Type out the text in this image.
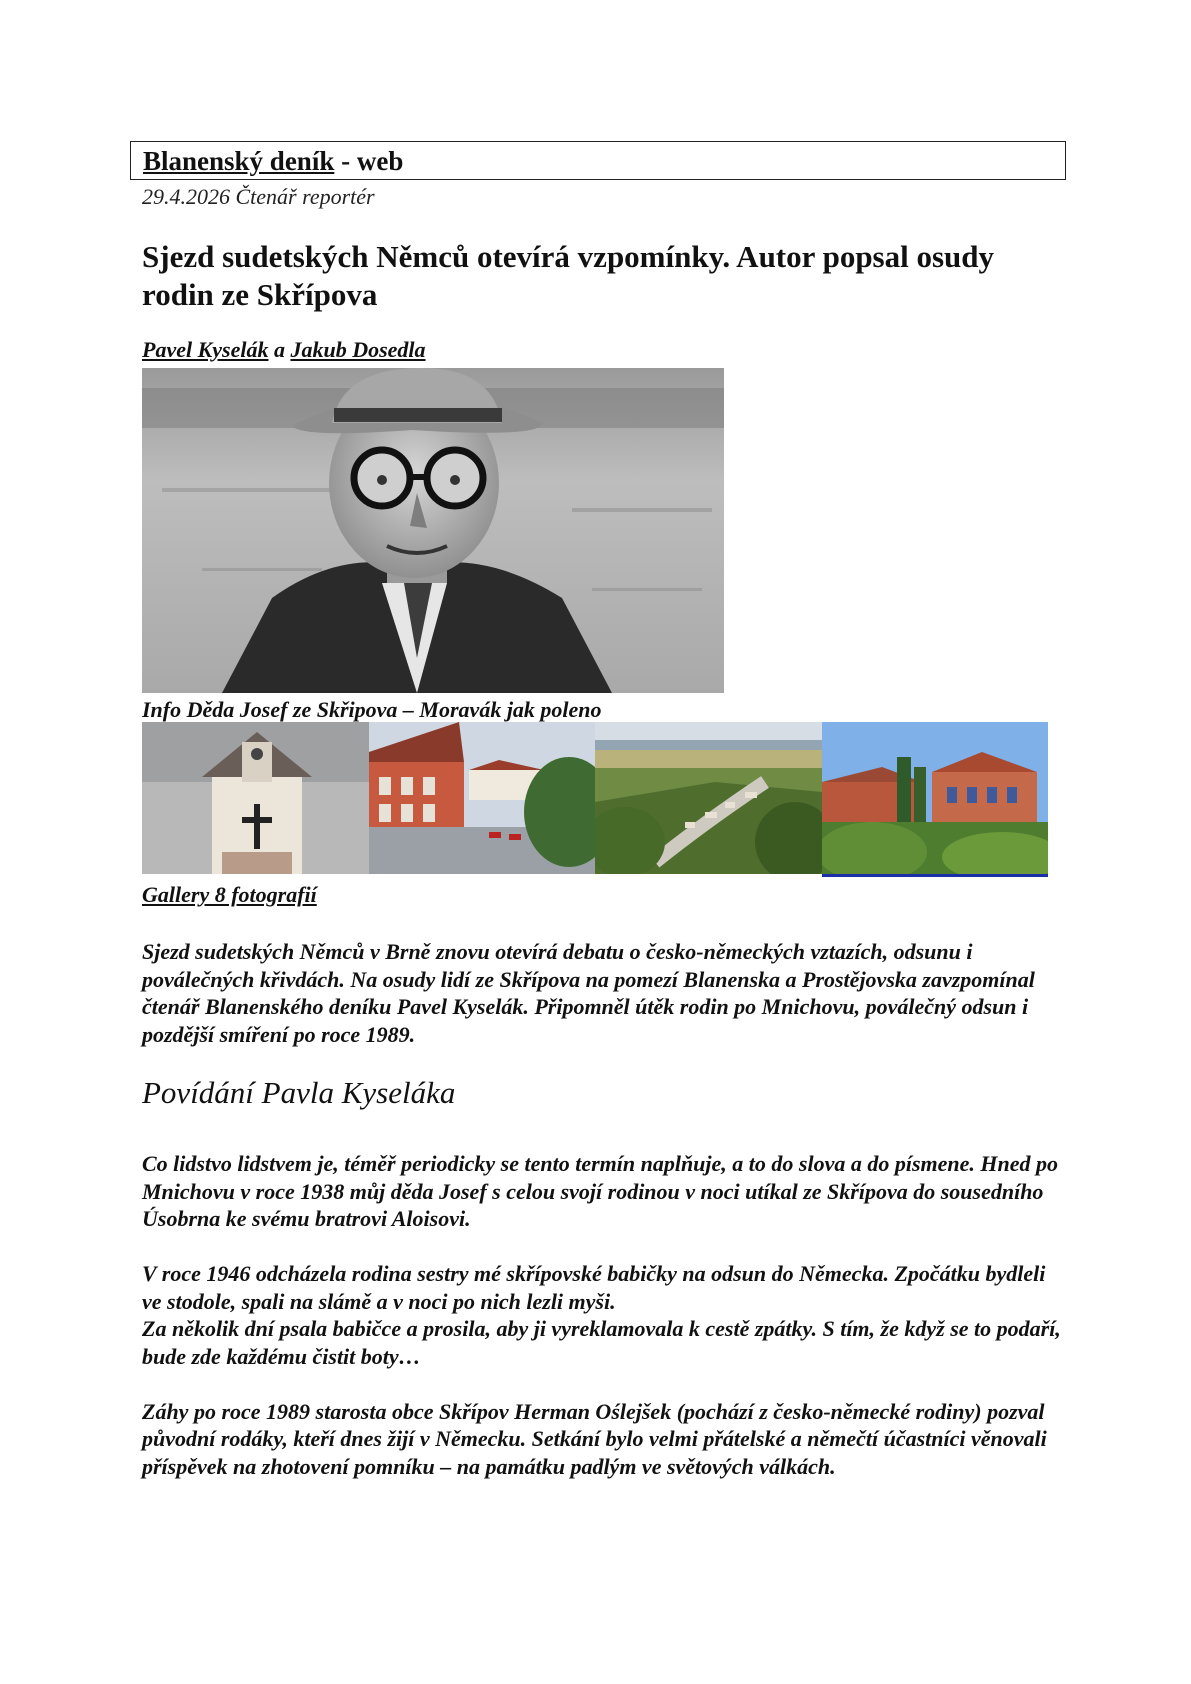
Blanenský deník - web
29.4.2026 Čtenář reportér
Sjezd sudetských Němců otevírá vzpomínky. Autor popsal osudy rodin ze Skřípova
Pavel Kyselák a Jakub Dosedla
Info Děda Josef ze Skřipova – Moravák jak poleno
Gallery 8 fotografií
Sjezd sudetských Němců v Brně znovu otevírá debatu o česko-německých vztazích, odsunu i poválečných křivdách. Na osudy lidí ze Skřípova na pomezí Blanenska a Prostějovska zavzpomínal čtenář Blanenského deníku Pavel Kyselák. Připomněl útěk rodin po Mnichovu, poválečný odsun i pozdější smíření po roce 1989.
Povídání Pavla Kyseláka

Co lidstvo lidstvem je, téměř periodicky se tento termín naplňuje, a to do slova a do písmene. Hned po Mnichovu v roce 1938 můj děda Josef s celou svojí rodinou v noci utíkal ze Skřípova do sousedního Úsobrna ke svému bratrovi Aloisovi.

V roce 1946 odcházela rodina sestry mé skřípovské babičky na odsun do Německa. Zpočátku bydleli ve stodole, spali na slámě a v noci po nich lezli myši.

Za několik dní psala babičce a prosila, aby ji vyreklamovala k cestě zpátky. S tím, že když se to podaří, bude zde každému čistit boty…

Záhy po roce 1989 starosta obce Skřípov Herman Oślejšek (pochází z česko-německé rodiny) pozval původní rodáky, kteří dnes žijí v Německu. Setkání bylo velmi přátelské a němečtí účastníci věnovali příspěvek na zhotovení pomníku – na památku padlým ve světových válkách.
